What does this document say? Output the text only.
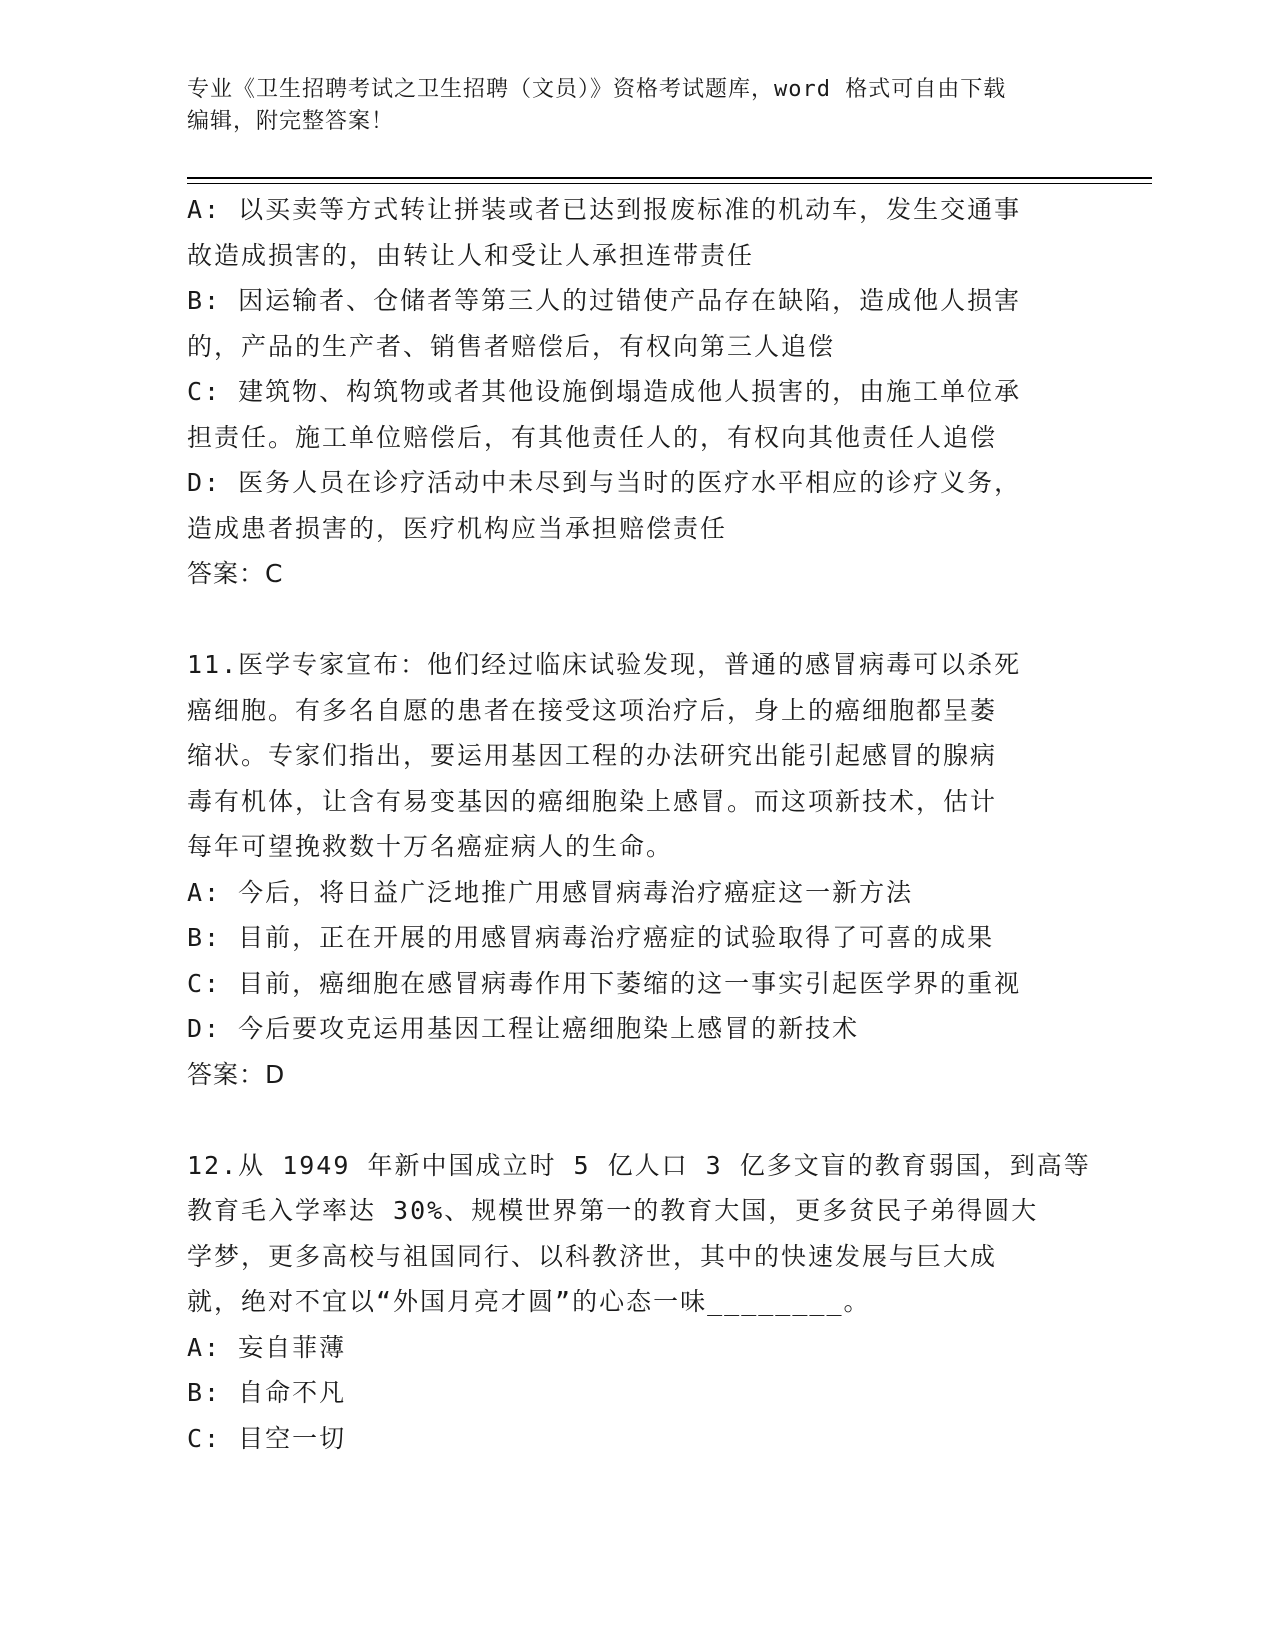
专业《卫生招聘考试之卫生招聘（文员）》资格考试题库，word 格式可自由下载
编辑，附完整答案！
A: 以买卖等方式转让拼装或者已达到报废标准的机动车，发生交通事
故造成损害的，由转让人和受让人承担连带责任
B: 因运输者、仓储者等第三人的过错使产品存在缺陷，造成他人损害
的，产品的生产者、销售者赔偿后，有权向第三人追偿
C: 建筑物、构筑物或者其他设施倒塌造成他人损害的，由施工单位承
担责任。施工单位赔偿后，有其他责任人的，有权向其他责任人追偿
D: 医务人员在诊疗活动中未尽到与当时的医疗水平相应的诊疗义务，
造成患者损害的，医疗机构应当承担赔偿责任
答案：C
11.医学专家宣布：他们经过临床试验发现，普通的感冒病毒可以杀死
癌细胞。有多名自愿的患者在接受这项治疗后，身上的癌细胞都呈萎
缩状。专家们指出，要运用基因工程的办法研究出能引起感冒的腺病
毒有机体，让含有易变基因的癌细胞染上感冒。而这项新技术，估计
每年可望挽救数十万名癌症病人的生命。
A: 今后，将日益广泛地推广用感冒病毒治疗癌症这一新方法
B: 目前，正在开展的用感冒病毒治疗癌症的试验取得了可喜的成果
C: 目前，癌细胞在感冒病毒作用下萎缩的这一事实引起医学界的重视
D: 今后要攻克运用基因工程让癌细胞染上感冒的新技术
答案：D
12.从 1949 年新中国成立时 5 亿人口 3 亿多文盲的教育弱国，到高等
教育毛入学率达 30%、规模世界第一的教育大国，更多贫民子弟得圆大
学梦，更多高校与祖国同行、以科教济世，其中的快速发展与巨大成
就，绝对不宜以“外国月亮才圆”的心态一味________。
A: 妄自菲薄
B: 自命不凡
C: 目空一切
